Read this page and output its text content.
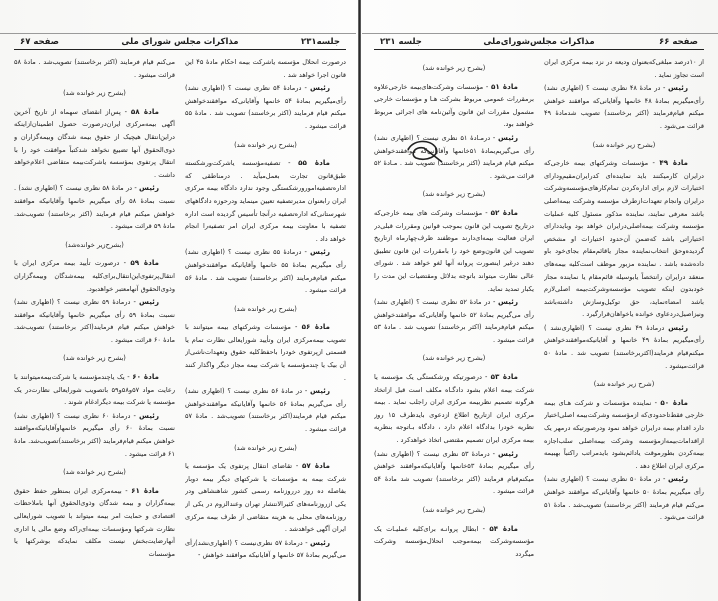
جلسه۲۳۱
مذاکرات مجلس شورای ملی
صفحه ۶۷

درصورت انحلال مؤسسه یاشرکت بیمه احکام مادهٔ ۴۵ این قانون اجرا خواهد شد .

رئیس - درمادهٔ ۵۴ نظری نیست ؟ (اظهاری نشد) رأی‌میگیریم بمادهٔ ۵۴ خانمها وآقایانی‌که موافقندخواهش میکنم قیام فرمایند (اکثر برخاستند) تصویب شد . مادهٔ ۵۵ قرائت میشود .

(بشرح زیر خوانده شد)

مادهٔ ۵۵ - تصفیه‌مؤسسه یاشرکت‌ورشکسته طبق‌قانون تجارت بعمل‌میآید . درمناطقی که اداره‌تصفیه‌امورورشکستگی وجود ندارد دادگاه بیمه مرکزی ایران رابعنوان مدیرتصفیه تعیین مینماید ودرحوزه دادگاههای شهرستانی‌که اداره‌تصفیه درآنجا تأسیس گردیده است اداره تصفیه با معاونت بیمه مرکزی ایران امر تصفیه‌را انجام خواهد داد .

رئیس - درمادهٔ ۵۵ نظری نیست ؟ (اظهاری نشد) رأی میگیریم بمادهٔ ۵۵ خانمها وآقایانیکه موافقندخواهش میکنم قیام‌فرمایند (اکثر برخاستند) تصویب شد . مادهٔ ۵۶ قرائت میشود .

(بشرح زیر خوانده شد)

مادهٔ ۵۶ - مؤسسات وشرکتهای بیمه میتوانند با تصویب بیمه‌مرکزی ایران وتأیید شورایعالی نظارت تمام یا قسمتی ازپرتفوی خودرا باحفظ‌کلیه حقوق وتعهدات‌ناشی‌از آن بیک یا چندمؤسسه یا شرکت بیمه مجاز دیگر واگذار کنند .

رئیس - در مادهٔ ۵۶ نظری نیست ؟ (اظهاری نشد) رأی می‌گیریم بمادهٔ ۵۶ خانمها وآقایانیکه موافقندخواهش میکنم قیام فرمایند(اکثر برخاستند) تصویب‌شد . مادهٔ ۵۷ قرائت میشود .

(بشرح زیر خوانده شد)

مادهٔ ۵۷ - تقاضای انتقال پرتفوی یک مؤسسه یا شرکت بیمه به مؤسسات یا شرکتهای دیگر بیمه دوبار بفاصله ده روز درروزنامه رسمی کشور شاهنشاهی ودر یکی ازروزنامه‌های کثیرالانتشار تهران وعندالزوم در یکی از روزنامه‌های محلی به هزینه متقاضی از طرف بیمه مرکزی ایران آگهی خواهدشد .

رئیس - درمادهٔ ۵۷ نظری‌نیست ؟ (اظهاری‌نشد)رأی می‌گیریم بمادهٔ ۵۷ خانمها و آقایانیکه موافقند خواهش -

می‌کنم قیام فرمایند (اکثر برخاستند) تصویب‌شد . مادهٔ ۵۸ قرائت میشود .

(بشرح زیر خوانده شد)

مادهٔ ۵۸ - پس‌از انقضای سهماه از تاریخ آخرین آگهی بیمه‌مرکزی ایران‌درصورت حصول اطمینان‌ازاینکه دراین‌انتقال هیچیک از حقوق بیمه شدگان وبیمه‌گزاران و ذوی‌الحقوق آنها تضییع نخواهد شدکتباً موافقت خود را با انتقال پرتفوی بمؤسسه یاشرکت‌بیمه متقاضی اعلام‌خواهد داشت .

رئیس - در مادهٔ ۵۸ نظری نیست ؟ (اظهاری نشد) . نسبت بمادهٔ ۵۸ رأی میگیریم خانمها وآقایانیکه موافقند خواهش میکنم قیام فرمایند (اکثر برخاستند) تصویب‌شد. مادهٔ ۵۹ قرائت میشود .

(بشرح‌زیر خوانده‌شد)

مادهٔ ۵۹ - درصورت تأیید بیمه مرکزی ایران با انتقال‌پرتفوی‌این‌انتقال‌برای‌کلیه بیمه‌شدگان وبیمه‌گزاران وذوی‌الحقوق آنهامعتبر خواهدبود.

رئیس - درمادهٔ ۵۹ نظری نیست ؟ (اظهاری نشد) نسبت بمادهٔ ۵۹ رأی میگیریم خانمها وآقایانیکه موافقند خواهش میکنم قیام فرمایند(اکثر برخاستند) تصویب‌شد. مادهٔ ۶۰ قرائت میشود .

(بشرح زیر خوانده شد)

مادهٔ ۶۰ - یک یاچندمؤسسه یا شرکت‌بیمه‌میتوانند با رعایت مواد ۵۷و۵۸و۵۹ باتصویب شورایعالی نظارت‌در یک مؤسسه یا شرکت بیمه دیگرادغام شوند .

رئیس - درمادهٔ ۶۰ نظری نیست ؟ (اظهاری نشد) نسبت بمادهٔ ۶۰ رأی میگیریم خانمهاوآقایانیکه‌موافقند خواهش میکنم قیام‌فرمایند (اکثر برخاستند)تصویب‌شد. مادهٔ ۶۱ قرائت میشود .

(بشرح زیر خوانده شد)

مادهٔ ۶۱ - بیمه‌مرکزی ایران بمنظور حفظ حقوق بیمه‌گزاران و بیمه شدگان وذوی‌الحقوق آنها باملاحظات اقتصادی و حمایت امر بیمه میتواند با تصویب شورایعالی نظارت شرکتها ومؤسسات بیمه‌ای‌راکه وضع مالی یا اداری آنهارضایت‌بخش نیست مکلف نمایدکه بوشرکتها یا مؤسسات

صفحه ۶۶
مذاکرات مجلس‌شورای‌ملی
جلسه ۲۳۱

از ۱۰درصد مبلغی‌که‌بعنوان ودیعه در نزد بیمه مرکزی ایران است تجاوز نماید .

رئیس - در مادهٔ ۴۸ نظری نیست ؟ (اظهاری نشد) رأی‌میگیریم بمادهٔ ۴۸ خانمها وآقایانی‌که موافقند خواهش میکنم قیام‌فرمایند (اکثر برخاستند) تصویب شدمادهٔ ۴۹ قرائت می‌شود .

(بشرح زیر خوانده شد)

مادهٔ ۴۹ - مؤسسات وشرکتهای بیمه خارجی‌که درایران کارمیکنند باید نماینده‌ای کدرایران‌مقیم‌ودارای اختیارات لازم برای اداره‌کردن تمام‌کارهای‌مؤسسه‌وشرکت درایران وانجام تعهدات‌ازطرف مؤسسه وشرکت بیمه‌اصلی باشد معرفی نمایند، نماینده مذکور مسئول کلیه عملیات مؤسسه وشرکت بیمه‌اصلی‌درایران خواهد بود وباید‌دارای اختیاراتی باشد که‌ضمن آن‌حدود اختیارات او مشخص گردیده‌وحق انتخاب‌نماینده مجاز یاقائم‌مقام بجای‌خود باو داده‌شده باشد . نماینده مزبور موظف است‌کلیه بیمه‌های منعقد درایران رانتخصاً یابوسیله قائم‌مقام یا نماینده مجاز خودبدون اینکه تصویب مؤسسه‌وشرکت‌بیمه اصلی‌لازم باشد امضاءنماید، حق توکیل‌وسازش داشته‌باشد ونیزاصیل‌درد‌عاوی خوانده یاخواهان‌قرارگیرد .

رئیس درمادهٔ ۴۹ نظری نیست ؟ (اظهاری‌نشد ) رأی‌میگیریم بمادهٔ ۴۹ خانمها و آقایانیکه‌موافقندخواهش میکنم‌قیام فرمایند(اکثر‌برخاستند) تصویب شد . مادهٔ ۵۰ قرائت‌میشود .

(شرح زیر خوانده شد)

مادهٔ ۵۰ - نماینده مؤسسات و شرکت هـای بیمه خارجی فقط‌تاحدودی‌که ازمؤسسه وشرکت‌بیمه اصلی‌اختیار دارد اقدام بیمه درایران خواهد نمود ودرصورتیکه درمهر یک ازاقدامات‌بیمه‌ازمؤسسه وشرکت بیمه‌اصلی سلب‌اجازه بیمه‌کردن بطورموقت یادائم‌بشود بایدمراتب راکتباً بهبیمه مرکزی ایران اطلاع دهد .

رئیس - در مادهٔ ۵۰ نظری نیست ؟ (اظهاری نشد) رأی میگیریم بمادهٔ ۵۰ خانمها وآقایانی‌که موافقند خواهش می‌کنم قیام فرمایند (اکثر برخاستند) تصویب‌شد . مادهٔ ۵۱ قرائت می‌شود .

(بشرح زیر خوانده شد)

مادهٔ ۵۱ - مؤسسات وشرکت‌های‌بیمه خارجی‌علاوه برمقررات عمومی مربوط بشرکت هـا و مؤسسات خارجی مشمول مقررات این قانون وآئین‌نامه های اجرائی مربوط خواهند بود.

رئیس - درمـادهٔ ۵۱ نظری نیست ؟ (اظهاری نشد) رأی می‌گیریم‌بمادهٔ ۵۱خانمها وآقایانی‌که موافقندخواهش میکنم قیام فرمایند (اکثر برخاستند) تصویب شد . مـادهٔ ۵۲ قرائت می‌شود .

(بشرح زیر خوانده شد)

مادهٔ ۵۲ - مؤسسات وشرکت های بیمه خارجی‌که درتاریخ تصویب این قانون بموجب قوانین ومقررات قبلی‌در ایران فعالیت بیمه‌ای‌دارند موظفند ظرف‌چهارماه ازتاریخ تصویب این قانون‌وضع خود را بامقررات این قانون تطبیق دهند درغیر اینصورت پروانه آنها لغو خواهد شد . شورای عالی نظارت میتواند باتوجه بدلائل ومقتضیات این مدت را یکبار تمدید نماید.

رئیس - در مادهٔ ۵۲ نظری نیست ؟ (اظهاری نشد) رأی می‌گیریم بمادهٔ ۵۲ خانمها وآقایانی‌که موافقندخواهش میکنم قیام‌فرمایند (اکثر برخاستند) تصویب شد . مادهٔ ۵۳ قرائت میشود .

(بشرح زیر خوانده شد)

مادهٔ ۵۳ - درصورتیکه ورشکستگی یک مؤسسه یا شرکت بیمه اعلام بشود دادگـاه مکلف است قبل ازاتخاذ هرگونه تصمیم نظربیمه مرکزی ایران راجلب نماید . بیمه مرکزی ایران ازتاریخ اطلاع ازدعوی بایدظرف ۱۵ روز نظریه خودرا بدادگاه اعلام دارد ، دادگاه بـاتوجه بنظریه بیمه مرکزی ایران تصمیم مقتضی اتخاذ خواهدکرد .

رئیس - درمادهٔ ۵۳ نظری نیست ؟ (اظهاری نشد) رأی میگیریم بمادهٔ ۵۳خانمها وآقایانیکه‌موافقند خواهش میکنم‌قیام فرمایند (اکثر برخاستند) تصویب شد مادهٔ ۵۴ قرائت میشود .

(بشرح زیر خوانده شد)

مادهٔ ۵۴ - ابطال پروانـه برای‌کلیه عملیـات یک مؤسسه‌وشرکت بیمه‌موجب انحلال‌مؤسسه وشرکت میگردد
